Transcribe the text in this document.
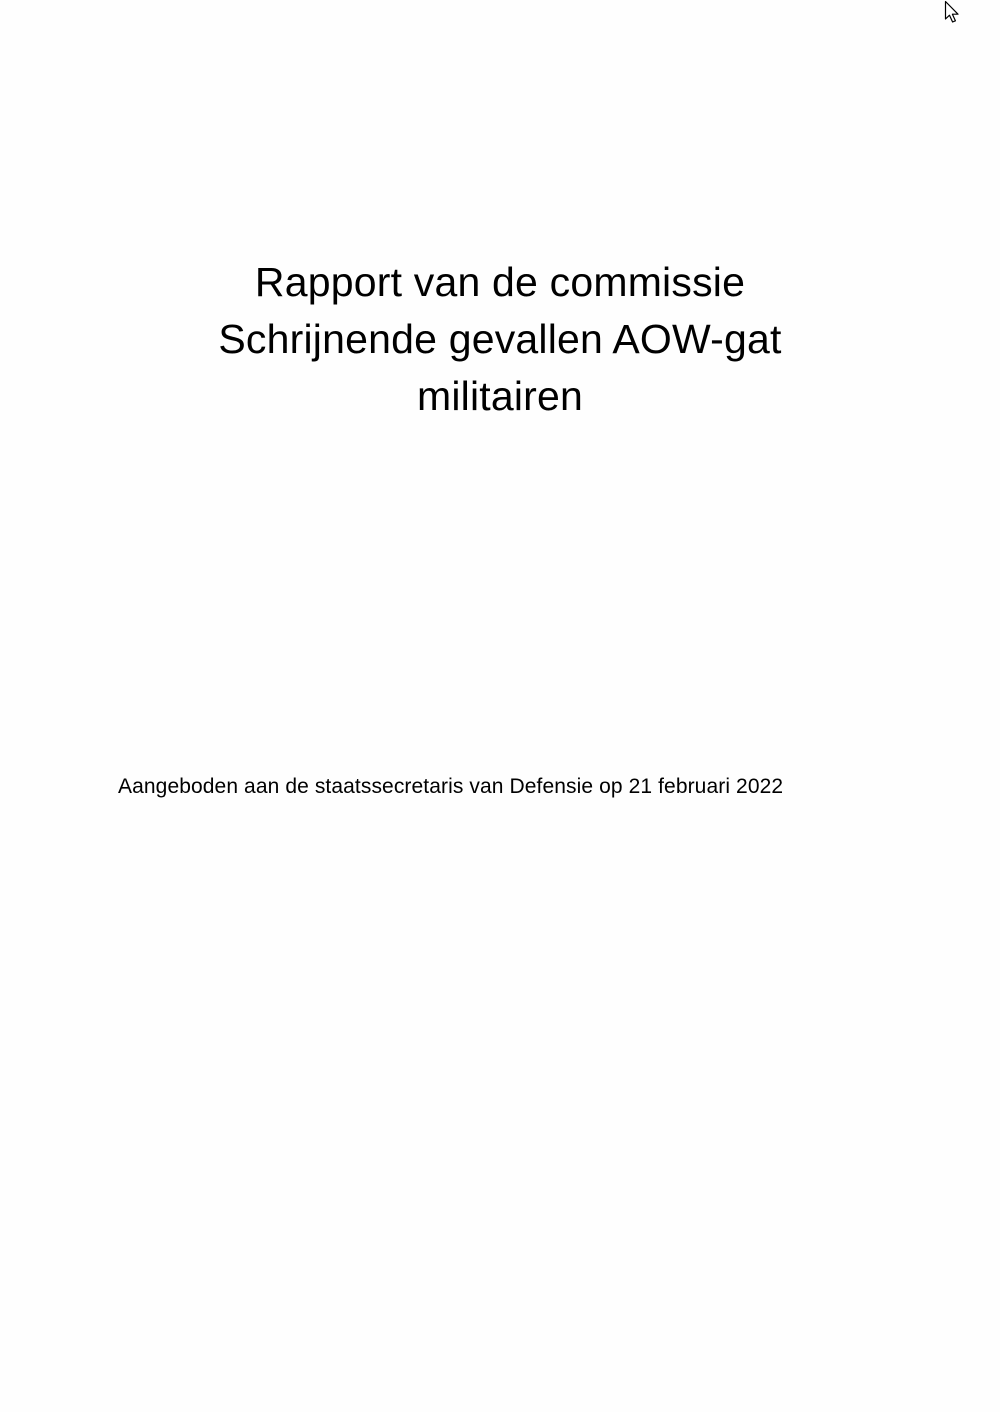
Rapport van de commissie
Schrijnende gevallen AOW-gat
militairen

Aangeboden aan de staatssecretaris van Defensie op 21 februari 2022
